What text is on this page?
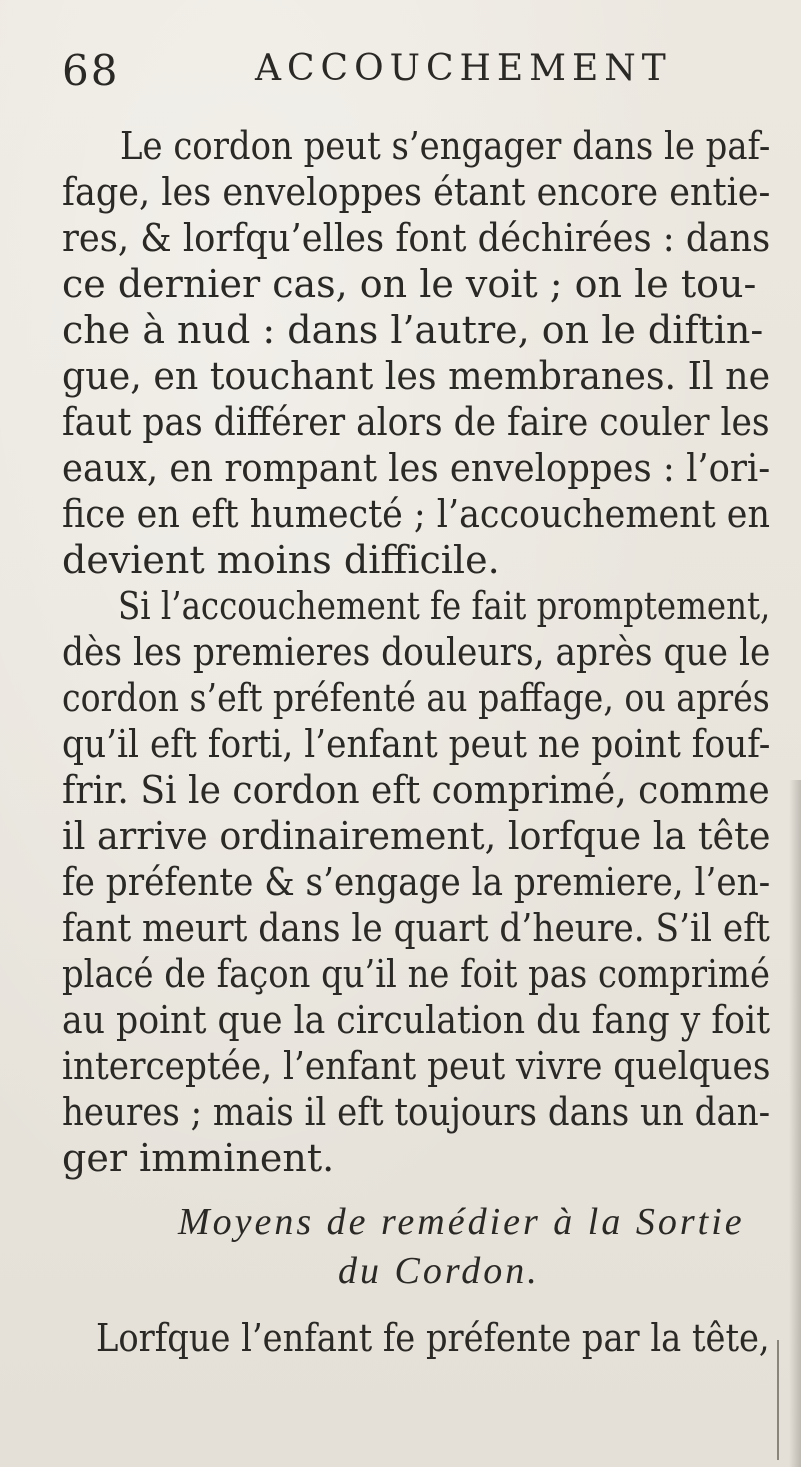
68	ACCOUCHEMENT
Le cordon peut s’engager dans le paf-
fage, les enveloppes étant encore entie-
res, & lorfqu’elles font déchirées : dans
ce dernier cas, on le voit ; on le tou-
che à nud : dans l’autre, on le diftin-
gue, en touchant les membranes. Il ne
faut pas différer alors de faire couler les
eaux, en rompant les enveloppes : l’ori-
fice en eft humecté ; l’accouchement en
devient moins difficile.
Si l’accouchement fe fait promptement,
dès les premieres douleurs, après que le
cordon s’eft préfenté au paffage, ou aprés
qu’il eft forti, l’enfant peut ne point fouf-
frir. Si le cordon eft comprimé, comme
il arrive ordinairement, lorfque la tête
fe préfente & s’engage la premiere, l’en-
fant meurt dans le quart d’heure. S’il eft
placé de façon qu’il ne foit pas comprimé
au point que la circulation du fang y foit
interceptée, l’enfant peut vivre quelques
heures ; mais il eft toujours dans un dan-
ger imminent.
Moyens de remédier à la Sortie
du Cordon.
Lorfque l’enfant fe préfente par la tête,
